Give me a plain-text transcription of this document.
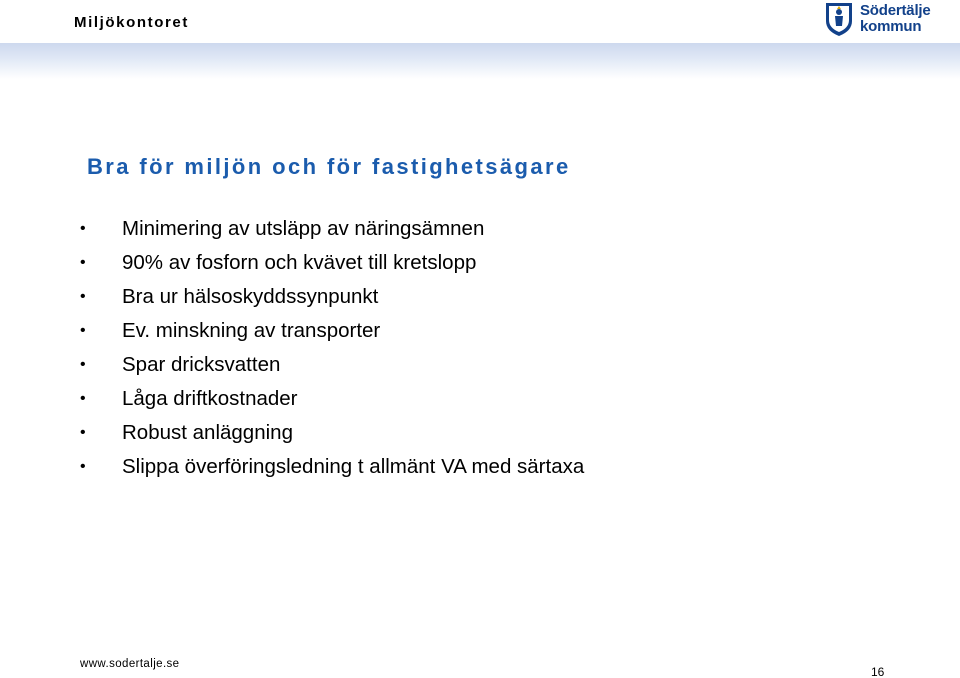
Miljökontoret
Södertälje
kommun
Bra för miljön och för fastighetsägare
• Minimering av utsläpp av näringsämnen
• 90% av fosforn och kvävet till kretslopp
• Bra ur hälsoskyddssynpunkt
• Ev. minskning av transporter
• Spar dricksvatten
• Låga driftkostnader
• Robust anläggning
• Slippa överföringsledning t allmänt VA med särtaxa
www.sodertalje.se
16
